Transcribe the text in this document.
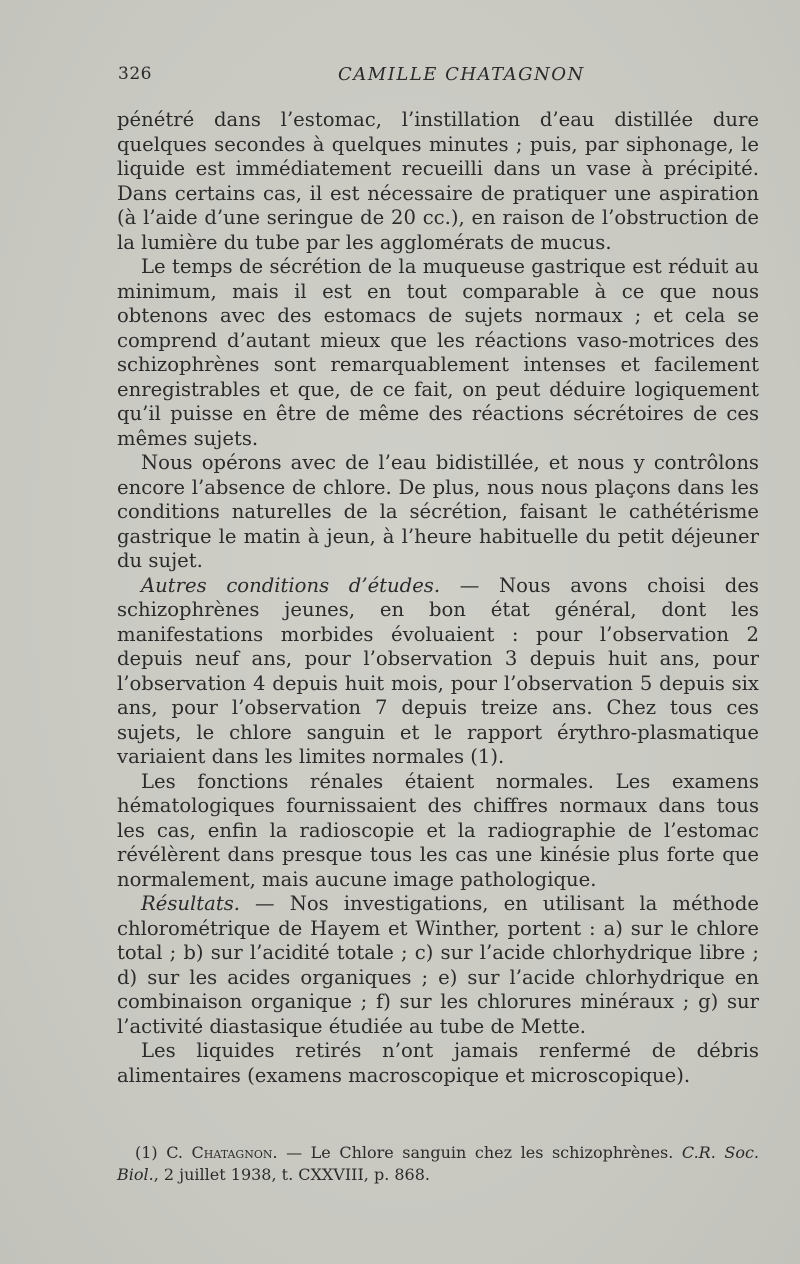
326	CAMILLE CHATAGNON

pénétré dans l’estomac, l’instillation d’eau distillée dure quelques secondes à quelques minutes ; puis, par siphonage, le liquide est immédiatement recueilli dans un vase à précipité. Dans certains cas, il est nécessaire de pratiquer une aspiration (à l’aide d’une seringue de 20 cc.), en raison de l’obstruction de la lumière du tube par les agglomérats de mucus.

Le temps de sécrétion de la muqueuse gastrique est réduit au minimum, mais il est en tout comparable à ce que nous obtenons avec des estomacs de sujets normaux ; et cela se comprend d’autant mieux que les réactions vaso-motrices des schizophrènes sont remarquablement intenses et facilement enregistrables et que, de ce fait, on peut déduire logiquement qu’il puisse en être de même des réactions sécrétoires de ces mêmes sujets.

Nous opérons avec de l’eau bidistillée, et nous y contrôlons encore l’absence de chlore. De plus, nous nous plaçons dans les conditions naturelles de la sécrétion, faisant le cathétérisme gastrique le matin à jeun, à l’heure habituelle du petit déjeuner du sujet.

Autres conditions d’études. — Nous avons choisi des schizophrènes jeunes, en bon état général, dont les manifestations morbides évoluaient : pour l’observation 2 depuis neuf ans, pour l’observation 3 depuis huit ans, pour l’observation 4 depuis huit mois, pour l’observation 5 depuis six ans, pour l’observation 7 depuis treize ans. Chez tous ces sujets, le chlore sanguin et le rapport érythro-plasmatique variaient dans les limites normales (1).

Les fonctions rénales étaient normales. Les examens hématologiques fournissaient des chiffres normaux dans tous les cas, enfin la radioscopie et la radiographie de l’estomac révélèrent dans presque tous les cas une kinésie plus forte que normalement, mais aucune image pathologique.

Résultats. — Nos investigations, en utilisant la méthode chlorométrique de Hayem et Winther, portent : a) sur le chlore total ; b) sur l’acidité totale ; c) sur l’acide chlorhydrique libre ; d) sur les acides organiques ; e) sur l’acide chlorhydrique en combinaison organique ; f) sur les chlorures minéraux ; g) sur l’activité diastasique étudiée au tube de Mette.

Les liquides retirés n’ont jamais renfermé de débris alimentaires (examens macroscopique et microscopique).

(1) C. Chatagnon. — Le Chlore sanguin chez les schizophrènes. C.R. Soc. Biol., 2 juillet 1938, t. CXXVIII, p. 868.
